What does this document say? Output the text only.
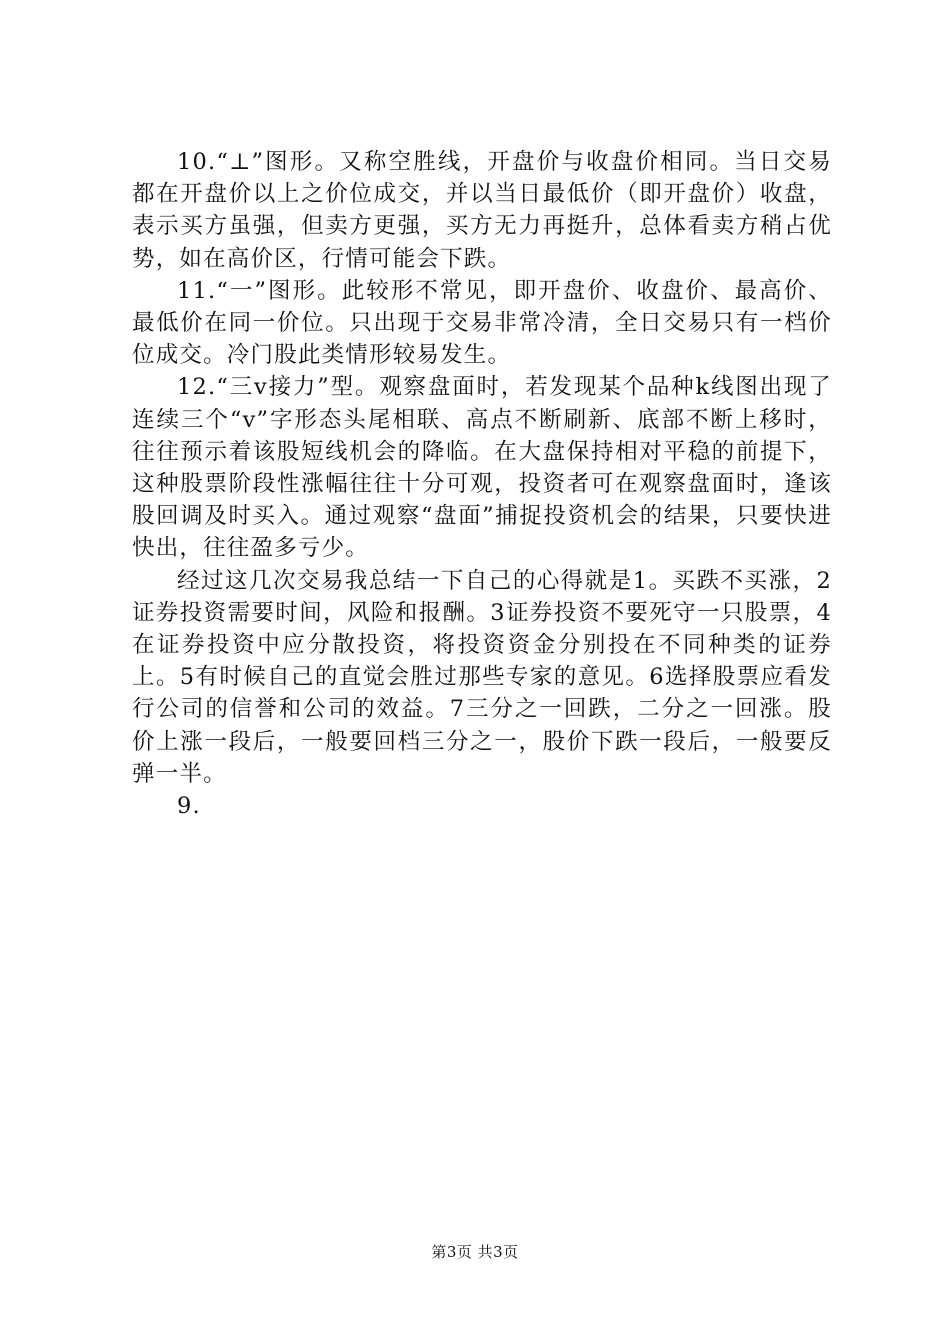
10.“⊥”图形。又称空胜线，开盘价与收盘价相同。当日交易都在开盘价以上之价位成交，并以当日最低价（即开盘价）收盘，表示买方虽强，但卖方更强，买方无力再挺升，总体看卖方稍占优势，如在高价区，行情可能会下跌。

11.“一”图形。此较形不常见，即开盘价、收盘价、最高价、最低价在同一价位。只出现于交易非常冷清，全日交易只有一档价位成交。冷门股此类情形较易发生。

12.“三v接力”型。观察盘面时，若发现某个品种k线图出现了连续三个“v”字形态头尾相联、高点不断刷新、底部不断上移时，往往预示着该股短线机会的降临。在大盘保持相对平稳的前提下，这种股票阶段性涨幅往往十分可观，投资者可在观察盘面时，逢该股回调及时买入。通过观察“盘面”捕捉投资机会的结果，只要快进快出，往往盈多亏少。

经过这几次交易我总结一下自己的心得就是1。买跌不买涨，2证券投资需要时间，风险和报酬。3证券投资不要死守一只股票，4在证券投资中应分散投资，将投资资金分别投在不同种类的证券上。5有时候自己的直觉会胜过那些专家的意见。6选择股票应看发行公司的信誉和公司的效益。7三分之一回跌，二分之一回涨。股价上涨一段后，一般要回档三分之一，股价下跌一段后，一般要反弹一半。

9.

第3页 共3页
